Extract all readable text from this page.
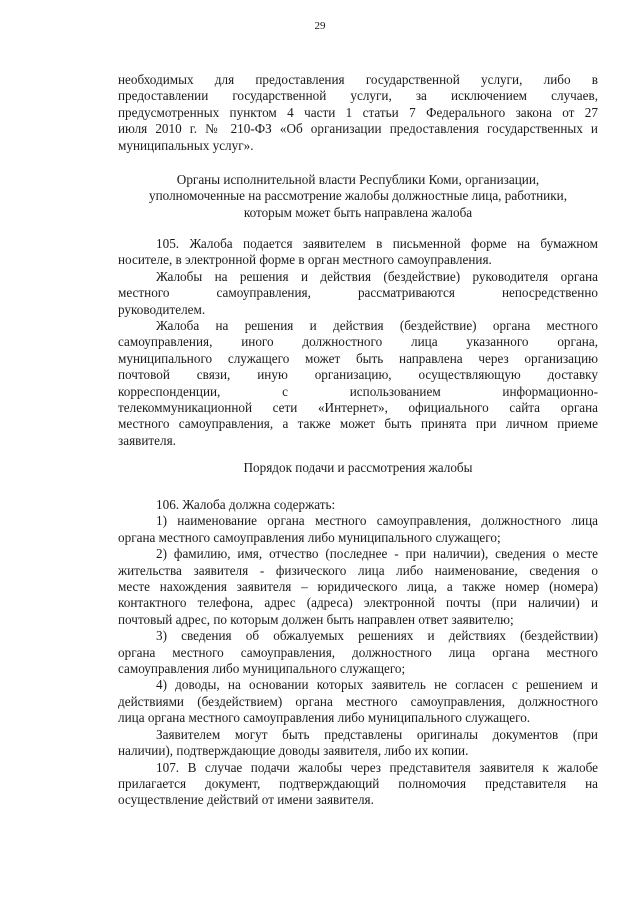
29

необходимых для предоставления государственной услуги, либо в

предоставлении государственной услуги, за исключением случаев,

предусмотренных пунктом 4 части 1 статьи 7 Федерального закона от 27

июля 2010 г. № 210-ФЗ «Об организации предоставления государственных и

муниципальных услуг».

Органы исполнительной власти Республики Коми, организации,

уполномоченные на рассмотрение жалобы должностные лица, работники,

которым может быть направлена жалоба

105. Жалоба подается заявителем в письменной форме на бумажном

носителе, в электронной форме в орган местного самоуправления.

Жалобы на решения и действия (бездействие) руководителя органа

местного самоуправления, рассматриваются непосредственно

руководителем.

Жалоба на решения и действия (бездействие) органа местного

самоуправления, иного должностного лица указанного органа,

муниципального служащего может быть направлена через организацию

почтовой связи, иную организацию, осуществляющую доставку

корреспонденции, с использованием информационно-

телекоммуникационной сети «Интернет», официального сайта органа

местного самоуправления, а также может быть принята при личном приеме

заявителя.

Порядок подачи и рассмотрения жалобы

106. Жалоба должна содержать:

1) наименование органа местного самоуправления, должностного лица

органа местного самоуправления либо муниципального служащего;

2) фамилию, имя, отчество (последнее - при наличии), сведения о месте

жительства заявителя - физического лица либо наименование, сведения о

месте нахождения заявителя – юридического лица, а также номер (номера)

контактного телефона, адрес (адреса) электронной почты (при наличии) и

почтовый адрес, по которым должен быть направлен ответ заявителю;

3) сведения об обжалуемых решениях и действиях (бездействии)

органа местного самоуправления, должностного лица органа местного

самоуправления либо муниципального служащего;

4) доводы, на основании которых заявитель не согласен с решением и

действиями (бездействием) органа местного самоуправления, должностного

лица органа местного самоуправления либо муниципального служащего.

Заявителем могут быть представлены оригиналы документов (при

наличии), подтверждающие доводы заявителя, либо их копии.

107. В случае подачи жалобы через представителя заявителя к жалобе

прилагается документ, подтверждающий полномочия представителя на

осуществление действий от имени заявителя.
